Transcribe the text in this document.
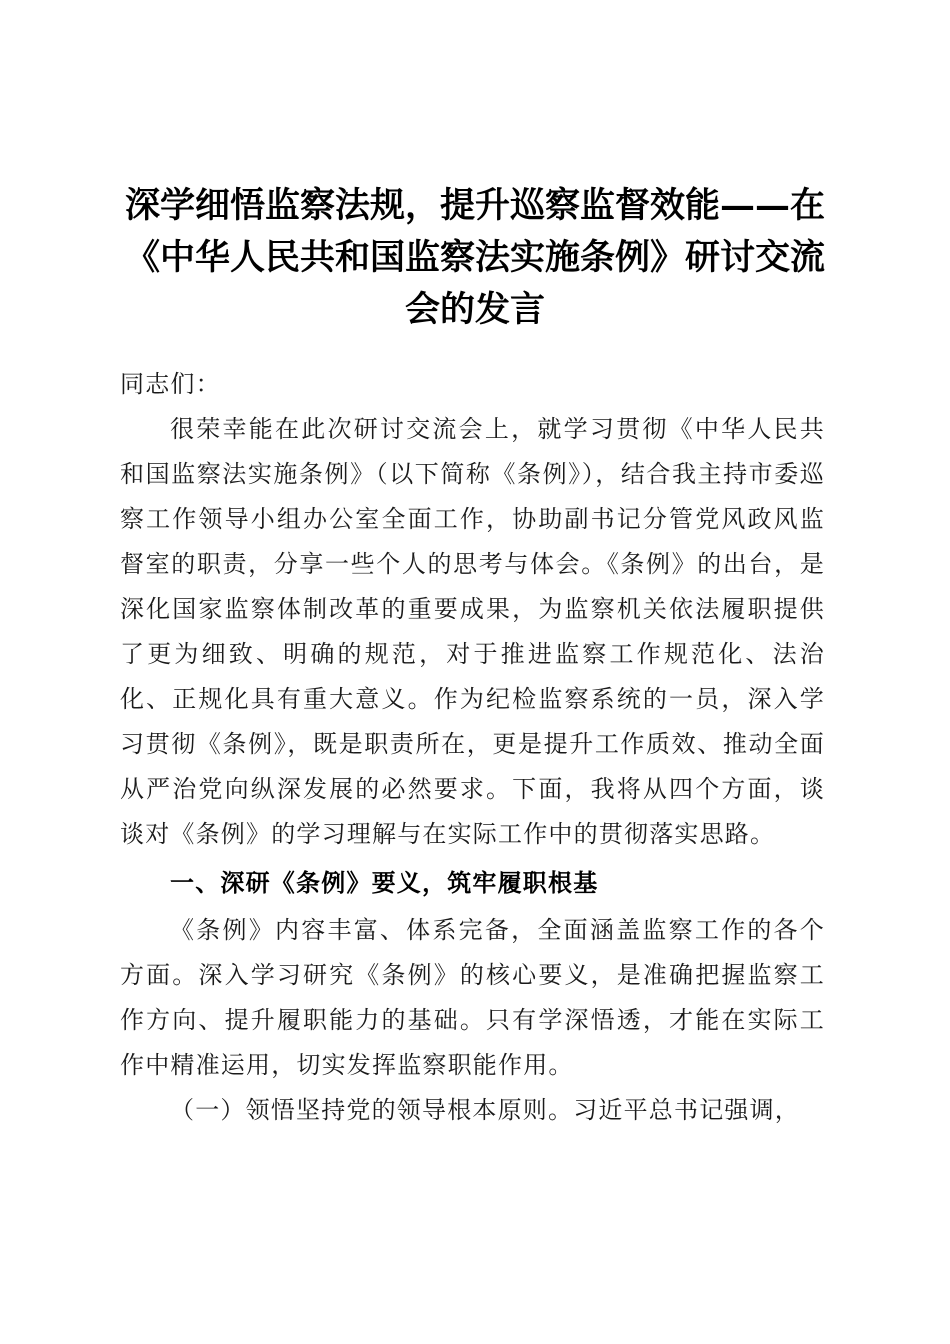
深学细悟监察法规，提升巡察监督效能——在《中华人民共和国监察法实施条例》研讨交流会的发言

同志们：

很荣幸能在此次研讨交流会上，就学习贯彻《中华人民共和国监察法实施条例》（以下简称《条例》），结合我主持市委巡察工作领导小组办公室全面工作，协助副书记分管党风政风监督室的职责，分享一些个人的思考与体会。《条例》的出台，是深化国家监察体制改革的重要成果，为监察机关依法履职提供了更为细致、明确的规范，对于推进监察工作规范化、法治化、正规化具有重大意义。作为纪检监察系统的一员，深入学习贯彻《条例》，既是职责所在，更是提升工作质效、推动全面从严治党向纵深发展的必然要求。下面，我将从四个方面，谈谈对《条例》的学习理解与在实际工作中的贯彻落实思路。

一、深研《条例》要义，筑牢履职根基

《条例》内容丰富、体系完备，全面涵盖监察工作的各个方面。深入学习研究《条例》的核心要义，是准确把握监察工作方向、提升履职能力的基础。只有学深悟透，才能在实际工作中精准运用，切实发挥监察职能作用。

（一）领悟坚持党的领导根本原则。习近平总书记强调，
